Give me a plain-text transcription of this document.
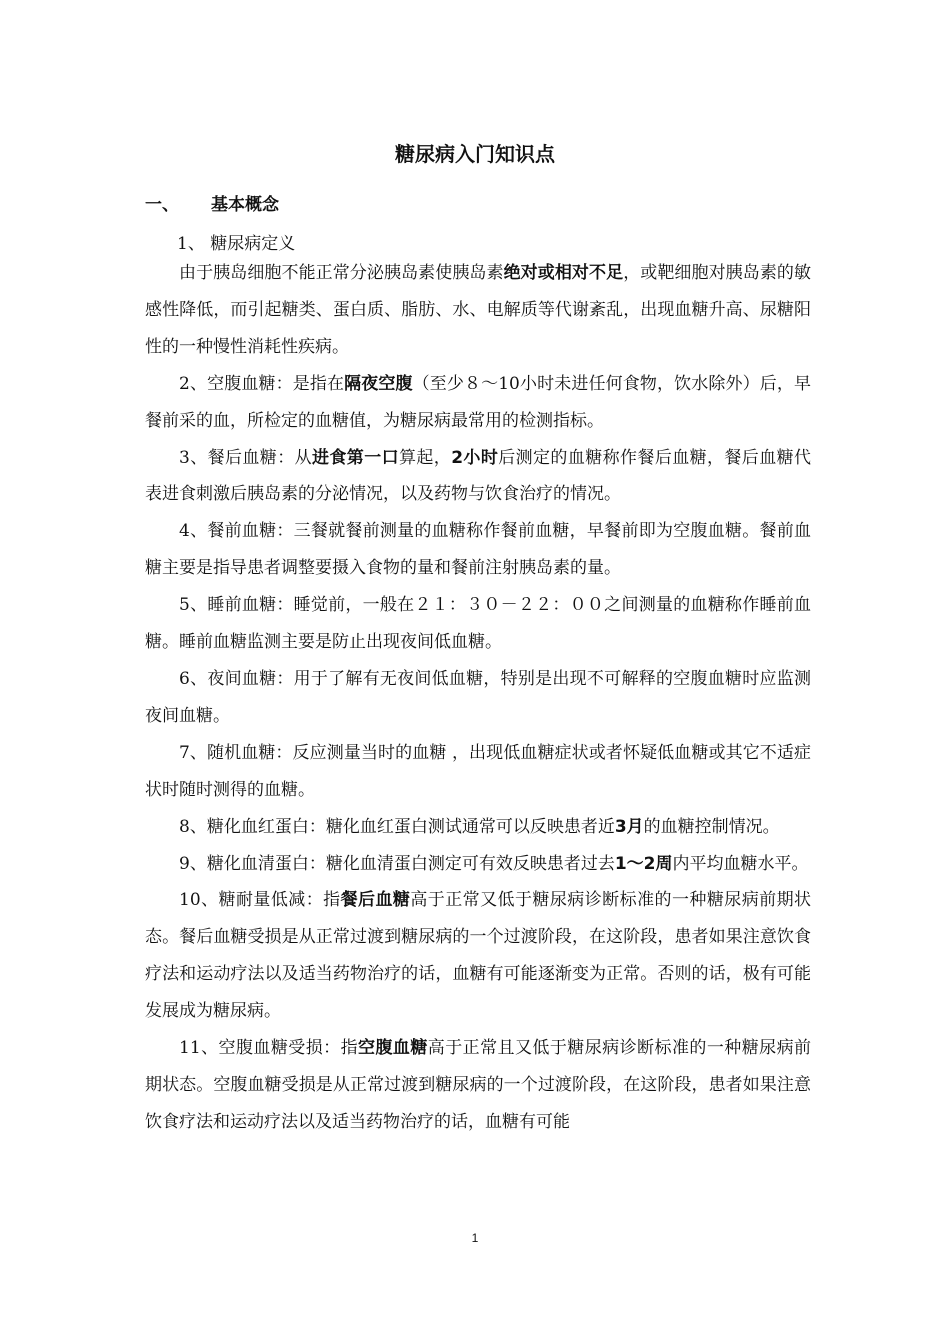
糖尿病入门知识点
一、 基本概念
1、 糖尿病定义

由于胰岛细胞不能正常分泌胰岛素使胰岛素绝对或相对不足，或靶细胞对胰岛素的敏感性降低，而引起糖类、蛋白质、脂肪、水、电解质等代谢紊乱，出现血糖升高、尿糖阳性的一种慢性消耗性疾病。

2、空腹血糖：是指在隔夜空腹（至少８～10小时未进任何食物，饮水除外）后，早餐前采的血，所检定的血糖值，为糖尿病最常用的检测指标。

3、餐后血糖：从进食第一口算起，2小时后测定的血糖称作餐后血糖，餐后血糖代表进食刺激后胰岛素的分泌情况，以及药物与饮食治疗的情况。

4、餐前血糖：三餐就餐前测量的血糖称作餐前血糖，早餐前即为空腹血糖。餐前血糖主要是指导患者调整要摄入食物的量和餐前注射胰岛素的量。

5、睡前血糖：睡觉前，一般在２１：３０－２２：００之间测量的血糖称作睡前血糖。睡前血糖监测主要是防止出现夜间低血糖。

6、夜间血糖：用于了解有无夜间低血糖，特别是出现不可解释的空腹血糖时应监测夜间血糖。

7、随机血糖：反应测量当时的血糖 ，出现低血糖症状或者怀疑低血糖或其它不适症状时随时测得的血糖。

8、糖化血红蛋白：糖化血红蛋白测试通常可以反映患者近3月的血糖控制情况。

9、糖化血清蛋白：糖化血清蛋白测定可有效反映患者过去1～2周内平均血糖水平。

10、糖耐量低减：指餐后血糖高于正常又低于糖尿病诊断标准的一种糖尿病前期状态。餐后血糖受损是从正常过渡到糖尿病的一个过渡阶段，在这阶段，患者如果注意饮食疗法和运动疗法以及适当药物治疗的话，血糖有可能逐渐变为正常。否则的话，极有可能发展成为糖尿病。

11、空腹血糖受损：指空腹血糖高于正常且又低于糖尿病诊断标准的一种糖尿病前期状态。空腹血糖受损是从正常过渡到糖尿病的一个过渡阶段，在这阶段，患者如果注意饮食疗法和运动疗法以及适当药物治疗的话，血糖有可能

1
